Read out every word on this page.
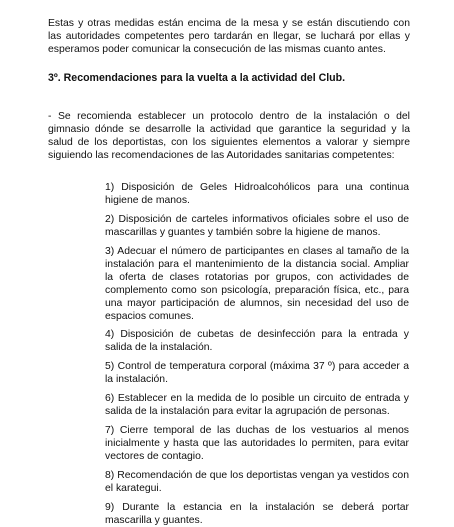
Estas y otras medidas están encima de la mesa y se están discutiendo con las autoridades competentes pero tardarán en llegar, se luchará por ellas y esperamos poder comunicar la consecución de las mismas cuanto antes.

3º. Recomendaciones para la vuelta a la actividad del Club.

- Se recomienda establecer un protocolo dentro de la instalación o del gimnasio dónde se desarrolle la actividad que garantice la seguridad y la salud de los deportistas, con los siguientes elementos a valorar y siempre siguiendo las recomendaciones de las Autoridades sanitarias competentes:

1) Disposición de Geles Hidroalcohólicos para una continua higiene de manos.
2) Disposición de carteles informativos oficiales sobre el uso de mascarillas y guantes y también sobre la higiene de manos.
3) Adecuar el número de participantes en clases al tamaño de la instalación para el mantenimiento de la distancia social. Ampliar la oferta de clases rotatorias por grupos, con actividades de complemento como son psicología, preparación física, etc., para una mayor participación de alumnos, sin necesidad del uso de espacios comunes.
4) Disposición de cubetas de desinfección para la entrada y salida de la instalación.
5) Control de temperatura corporal (máxima 37 º) para acceder a la instalación.
6) Establecer en la medida de lo posible un circuito de entrada y salida de la instalación para evitar la agrupación de personas.
7) Cierre temporal de las duchas de los vestuarios al menos inicialmente y hasta que las autoridades lo permiten, para evitar vectores de contagio.
8) Recomendación de que los deportistas vengan ya vestidos con el karategui.
9) Durante la estancia en la instalación se deberá portar mascarilla y guantes.
